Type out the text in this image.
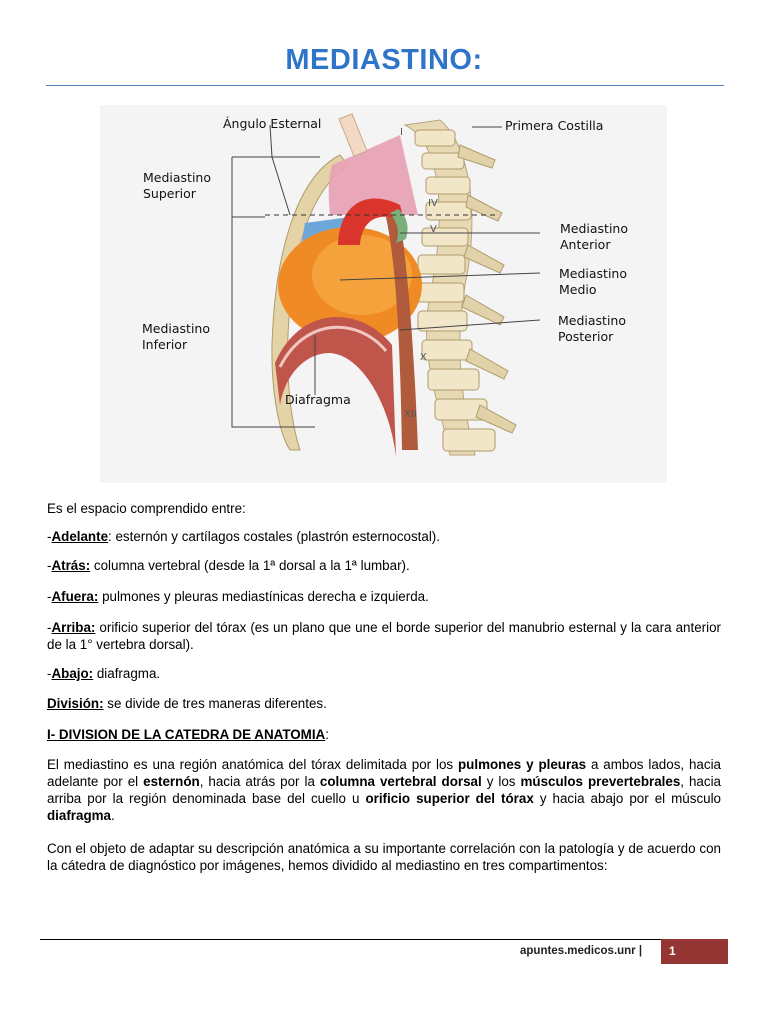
MEDIASTINO:
Ángulo Esternal	Primera Costilla
Mediastino
Superior
Mediastino
Anterior
Mediastino
Medio
Mediastino
Posterior
Mediastino
Inferior
Diafragma
I
IV
V
X
XII

Es el espacio comprendido entre:

-Adelante: esternón y cartílagos costales (plastrón esternocostal).

-Atrás: columna vertebral (desde la 1ª dorsal a la 1ª lumbar).

-Afuera: pulmones y pleuras mediastínicas derecha e izquierda.

-Arriba: orificio superior del tórax (es un plano que une el borde superior del manubrio esternal y la cara anterior de la 1° vertebra dorsal).

-Abajo: diafragma.

División: se divide de tres maneras diferentes.

I- DIVISION DE LA CATEDRA DE ANATOMIA:

El mediastino es una región anatómica del tórax delimitada por los pulmones y pleuras a ambos lados, hacia adelante por el esternón, hacia atrás por la columna vertebral dorsal y los músculos prevertebrales, hacia arriba por la región denominada base del cuello u orificio superior del tórax y hacia abajo por el músculo diafragma.

Con el objeto de adaptar su descripción anatómica a su importante correlación con la patología y de acuerdo con la cátedra de diagnóstico por imágenes, hemos dividido al mediastino en tres compartimentos:

apuntes.medicos.unr |	1
